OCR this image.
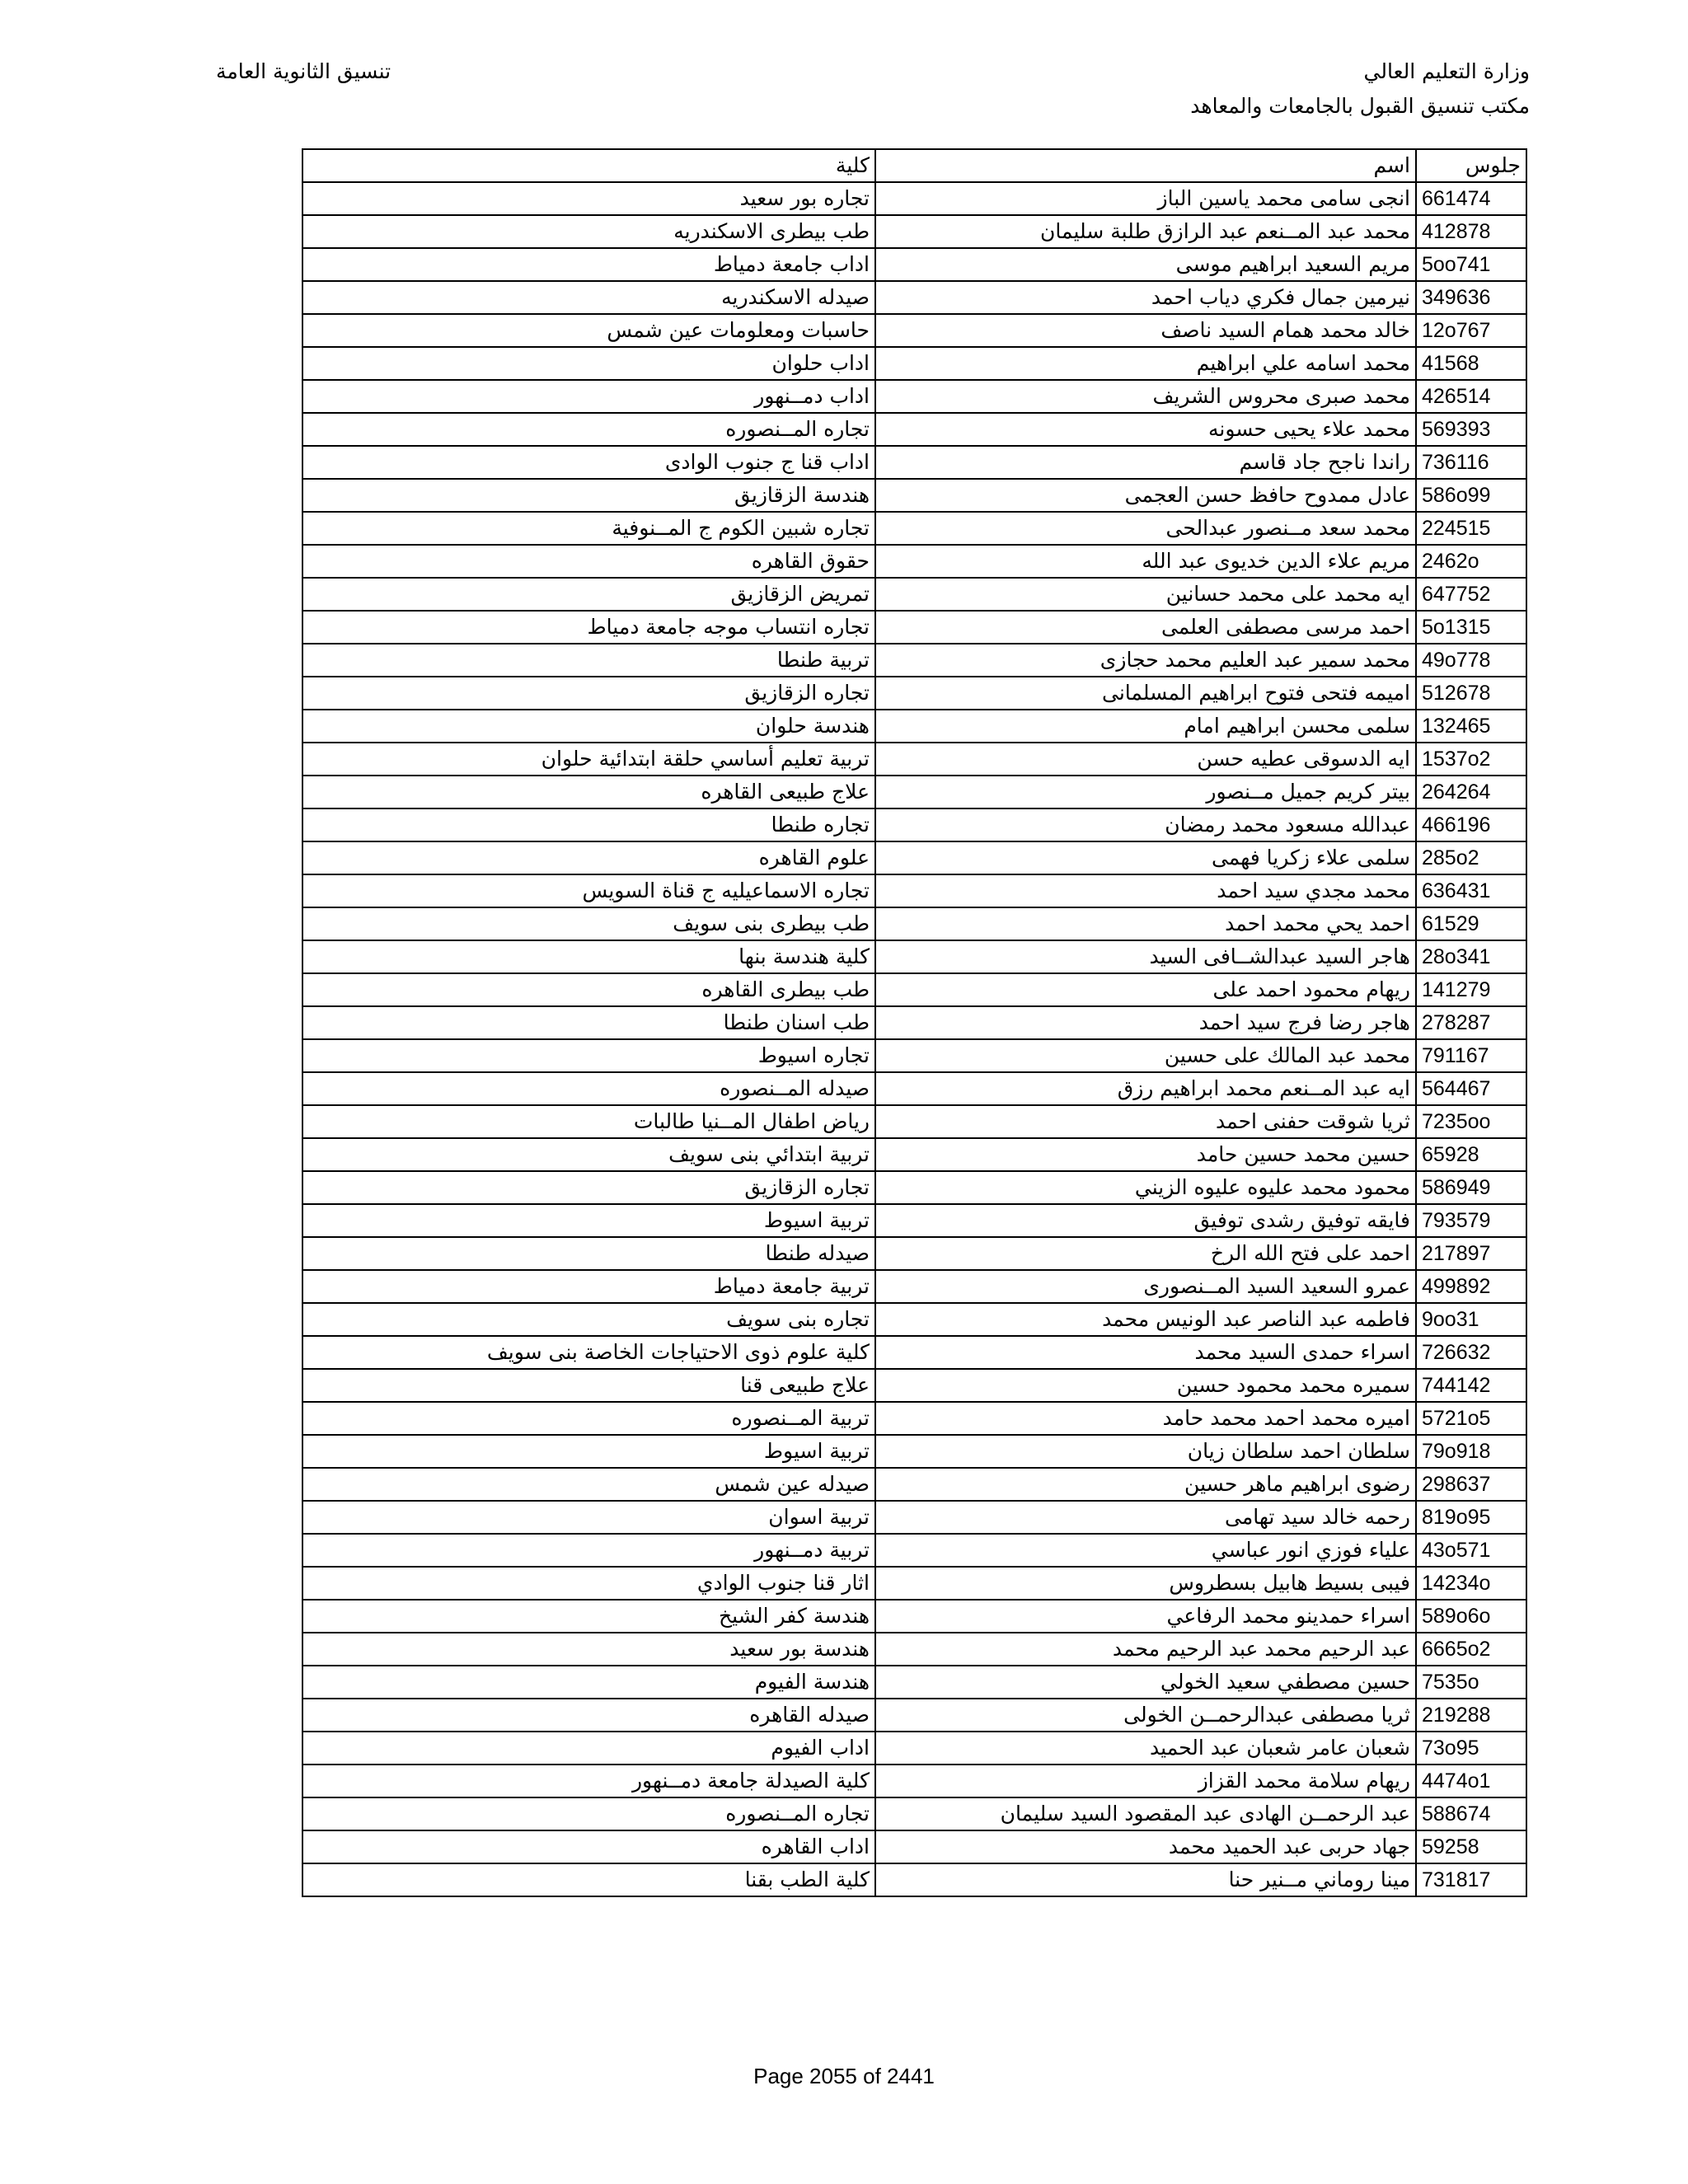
وزارة التعليم العالي
مكتب تنسيق القبول بالجامعات والمعاهد
تنسيق الثانوية العامة
جلوس	اسم	كلية
661474	انجى سامى محمد ياسين الباز	تجاره بور سعيد
412878	محمد عبد المــنعم عبد الرازق طلبة سليمان	طب بيطرى الاسكندريه
5oo741	مريم السعيد ابراهيم موسى	اداب جامعة دمياط
349636	نيرمين جمال فكري دياب احمد	صيدله الاسكندريه
12o767	خالد محمد همام السيد ناصف	حاسبات ومعلومات عين شمس
41568	محمد اسامه علي ابراهيم	اداب حلوان
426514	محمد صبرى محروس الشريف	اداب دمــنهور
569393	محمد علاء يحيى حسونه	تجاره المــنصوره
736116	راندا ناجح جاد قاسم	اداب قنا ج جنوب الوادى
586o99	عادل ممدوح حافظ حسن العجمى	هندسة الزقازيق
224515	محمد سعد مــنصور عبدالحى	تجاره شبين الكوم ج المــنوفية
2462o	مريم علاء الدين خديوى عبد الله	حقوق القاهره
647752	ايه محمد على محمد حسانين	تمريض الزقازيق
5o1315	احمد مرسى مصطفى العلمى	تجاره انتساب موجه جامعة دمياط
49o778	محمد سمير عبد العليم محمد حجازى	تربية طنطا
512678	اميمه فتحى فتوح ابراهيم المسلمانى	تجاره الزقازيق
132465	سلمى محسن ابراهيم امام	هندسة حلوان
1537o2	ايه الدسوقى عطيه حسن	تربية تعليم أساسي حلقة ابتدائية حلوان
264264	بيتر كريم جميل مــنصور	علاج طبيعى القاهره
466196	عبدالله مسعود محمد رمضان	تجاره طنطا
285o2	سلمى علاء زكريا فهمى	علوم القاهره
636431	محمد مجدي سيد احمد	تجاره الاسماعيليه ج قناة السويس
61529	احمد يحي محمد احمد	طب بيطرى بنى سويف
28o341	هاجر السيد عبدالشــافى السيد	كلية هندسة بنها
141279	ريهام محمود احمد على	طب بيطرى القاهره
278287	هاجر رضا فرج سيد احمد	طب اسنان طنطا
791167	محمد عبد المالك على حسين	تجاره اسيوط
564467	ايه عبد المــنعم محمد ابراهيم رزق	صيدله المــنصوره
7235oo	ثريا شوقت حفنى احمد	رياض اطفال المــنيا طالبات
65928	حسين محمد حسين حامد	تربية ابتدائي بنى سويف
586949	محمود محمد عليوه عليوه الزيني	تجاره الزقازيق
793579	فايقه توفيق رشدى توفيق	تربية اسيوط
217897	احمد على فتح الله الرخ	صيدله طنطا
499892	عمرو السعيد السيد المــنصورى	تربية جامعة دمياط
9oo31	فاطمه عبد الناصر عبد الونيس محمد	تجاره بنى سويف
726632	اسراء حمدى السيد محمد	كلية علوم ذوى الاحتياجات الخاصة بنى سويف
744142	سميره محمد محمود حسين	علاج طبيعى قنا
5721o5	اميره محمد احمد محمد حامد	تربية المــنصوره
79o918	سلطان احمد سلطان زيان	تربية اسيوط
298637	رضوى ابراهيم ماهر حسين	صيدله عين شمس
819o95	رحمه خالد سيد تهامى	تربية اسوان
43o571	علياء فوزي انور عباسي	تربية دمــنهور
14234o	فيبى بسيط هابيل بسطروس	اثار قنا جنوب الوادي
589o6o	اسراء حمدينو محمد الرفاعي	هندسة كفر الشيخ
6665o2	عبد الرحيم محمد عبد الرحيم محمد	هندسة بور سعيد
7535o	حسين مصطفي سعيد الخولي	هندسة الفيوم
219288	ثريا مصطفى عبدالرحمــن الخولى	صيدله القاهره
73o95	شعبان عامر شعبان عبد الحميد	اداب الفيوم
4474o1	ريهام سلامة محمد القزاز	كلية الصيدلة جامعة دمــنهور
588674	عبد الرحمــن الهادى عبد المقصود السيد سليمان	تجاره المــنصوره
59258	جهاد حربى عبد الحميد محمد	اداب القاهره
731817	مينا روماني مــنير حنا	كلية الطب بقنا
Page 2055 of 2441
